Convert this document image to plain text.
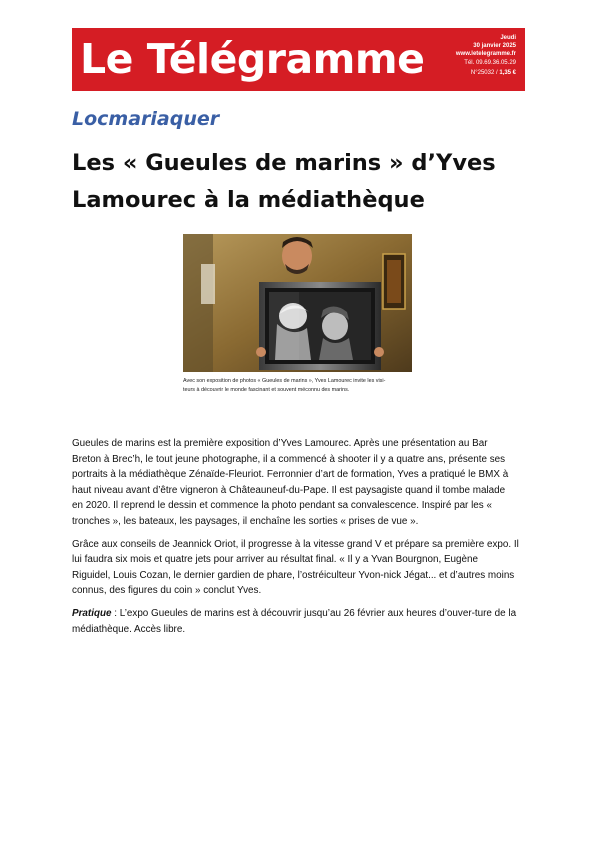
Le Télégramme	Jeudi
30 janvier 2025
www.letelegramme.fr
Tél. 09.69.36.05.29
N°25032 / 1,35 €
Locmariaquer
Les « Gueules de marins » d’Yves
Lamourec à la médiathèque
Avec son exposition de photos « Gueules de marins », Yves Lamourec invite les visi-
teurs à découvrir le monde fascinant et souvent méconnu des marins.
Gueules de marins est la première exposition d’Yves Lamourec. Après une présentation au Bar
Breton à Brec’h, le tout jeune photographe, il a commencé à shooter il y a quatre ans, présente ses
portraits à la médiathèque Zénaïde-Fleuriot. Ferronnier d’art de formation, Yves a pratiqué le BMX à
haut niveau avant d’être vigneron à Châteauneuf-du-Pape. Il est paysagiste quand il tombe malade
en 2020. Il reprend le dessin et commence la photo pendant sa convalescence. Inspiré par les «
tronches », les bateaux, les paysages, il enchaîne les sorties « prises de vue ».
Grâce aux conseils de Jeannick Oriot, il progresse à la vitesse grand V et prépare sa première expo. Il
lui faudra six mois et quatre jets pour arriver au résultat final. « Il y a Yvan Bourgnon, Eugène
Riguidel, Louis Cozan, le dernier gardien de phare, l’ostréiculteur Yvon-nick Jégat... et d’autres moins
connus, des figures du coin » conclut Yves.
Pratique : L’expo Gueules de marins est à découvrir jusqu’au 26 février aux heures d’ouver-ture de la
médiathèque. Accès libre.
